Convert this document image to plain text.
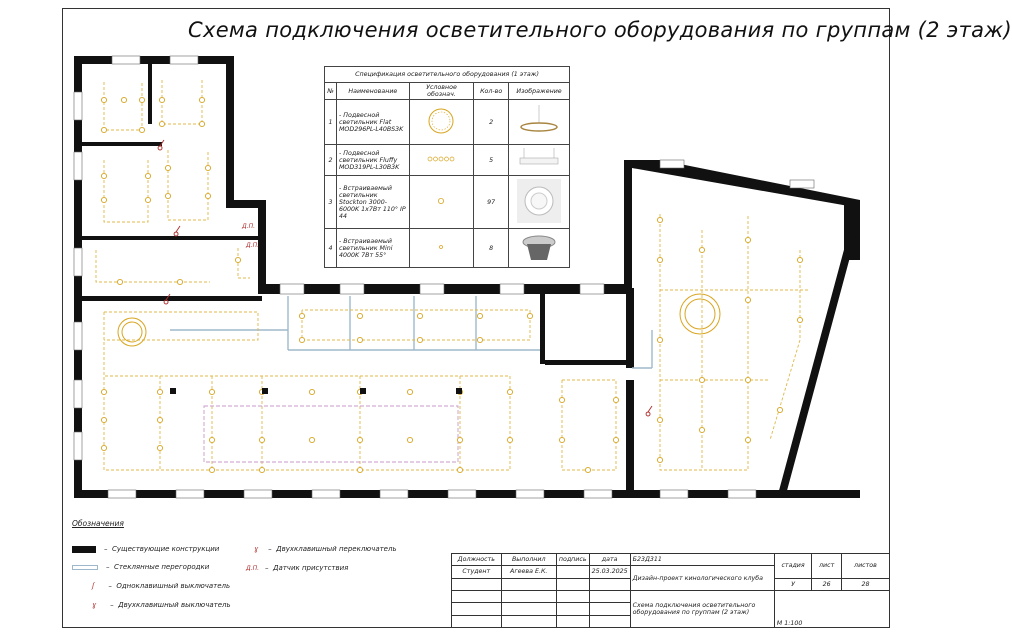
Схема подключения осветительного оборудования по группам (2 этаж)
Д.П.
Д.П.
Спецификация осветительного оборудования (1 этаж)				
№	Наименование	Условное обознач.	Кол-во	Изображение
1	- Подвесной светильник Flat MOD296PL-L40BS3K		2	
2	- Подвесной светильник Fluffy MOD319PL-L30B3K		5	
3	- Встраиваемый светильник Stockton 3000-6000K 1х7Вт 110° IP 44		97	
4	- Встраиваемый светильник Mini 4000K 7Вт 55°		8	
Обозначения
–  Существующие конструкции
–  Стеклянные перегородки
ʃ –  Одноклавишный выключатель
ɣ –  Двухклавишный выключатель
ɣ –  Двухклавишный переключатель
Д.П. –  Датчик присутствия
Должность	Выполнил	подпись	дата	Б23Д311	стадия	лист	листов
Студент	Агеева Е.К.		25.03.2025	Дизайн-проект кинологического клуба			
					У	26	28
				Схема подключения осветительного оборудования по группам (2 этаж)	М 1:100		
